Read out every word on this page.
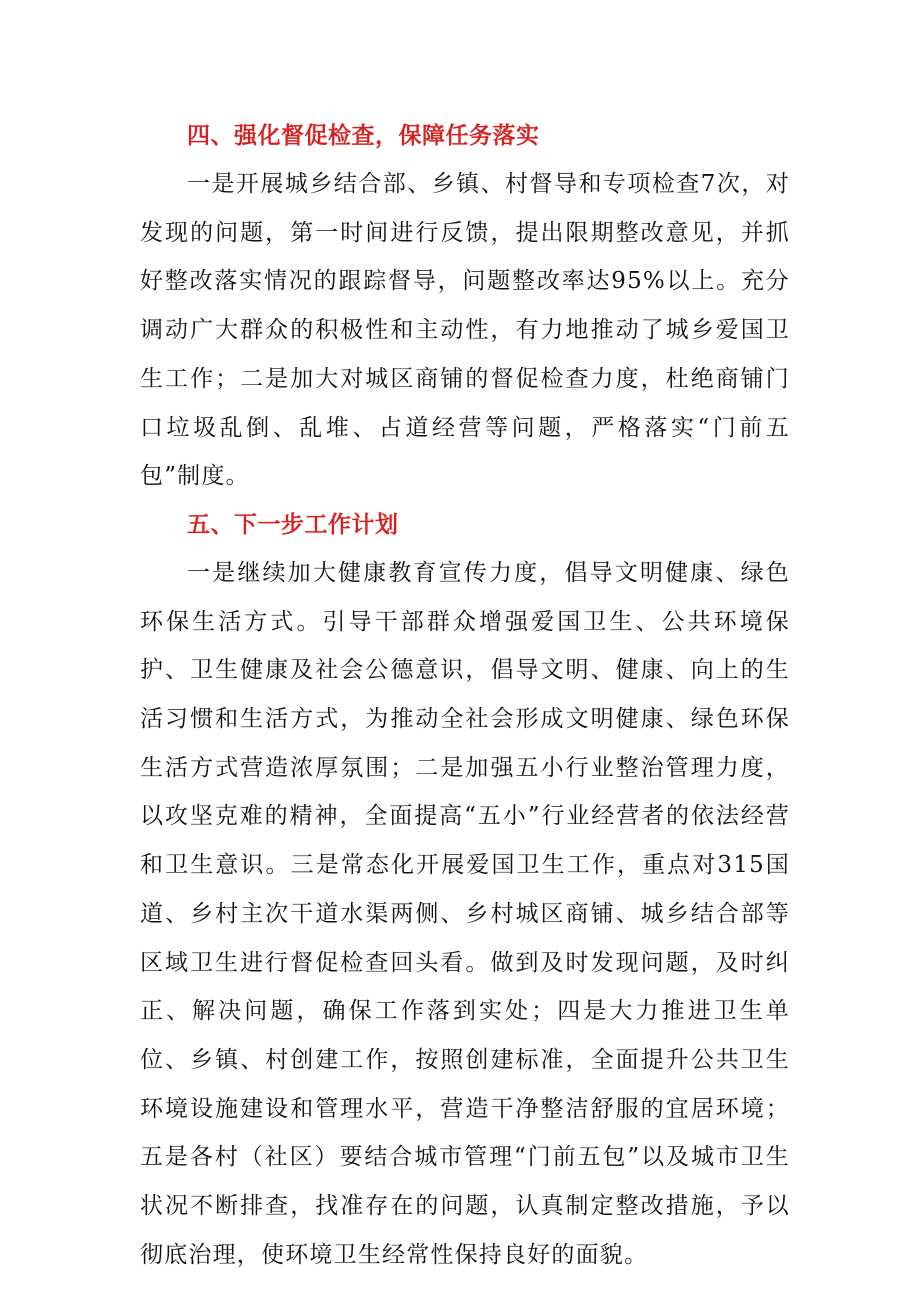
四、强化督促检查，保障任务落实

一是开展城乡结合部、乡镇、村督导和专项检查7次，对发现的问题，第一时间进行反馈，提出限期整改意见，并抓好整改落实情况的跟踪督导，问题整改率达95%以上。充分调动广大群众的积极性和主动性，有力地推动了城乡爱国卫生工作；二是加大对城区商铺的督促检查力度，杜绝商铺门口垃圾乱倒、乱堆、占道经营等问题，严格落实“门前五包”制度。

五、下一步工作计划

一是继续加大健康教育宣传力度，倡导文明健康、绿色环保生活方式。引导干部群众增强爱国卫生、公共环境保护、卫生健康及社会公德意识，倡导文明、健康、向上的生活习惯和生活方式，为推动全社会形成文明健康、绿色环保生活方式营造浓厚氛围；二是加强五小行业整治管理力度，以攻坚克难的精神，全面提高“五小”行业经营者的依法经营和卫生意识。三是常态化开展爱国卫生工作，重点对315国道、乡村主次干道水渠两侧、乡村城区商铺、城乡结合部等区域卫生进行督促检查回头看。做到及时发现问题，及时纠正、解决问题，确保工作落到实处；四是大力推进卫生单位、乡镇、村创建工作，按照创建标准，全面提升公共卫生环境设施建设和管理水平，营造干净整洁舒服的宜居环境；五是各村（社区）要结合城市管理“门前五包”以及城市卫生状况不断排查，找准存在的问题，认真制定整改措施，予以彻底治理，使环境卫生经常性保持良好的面貌。
